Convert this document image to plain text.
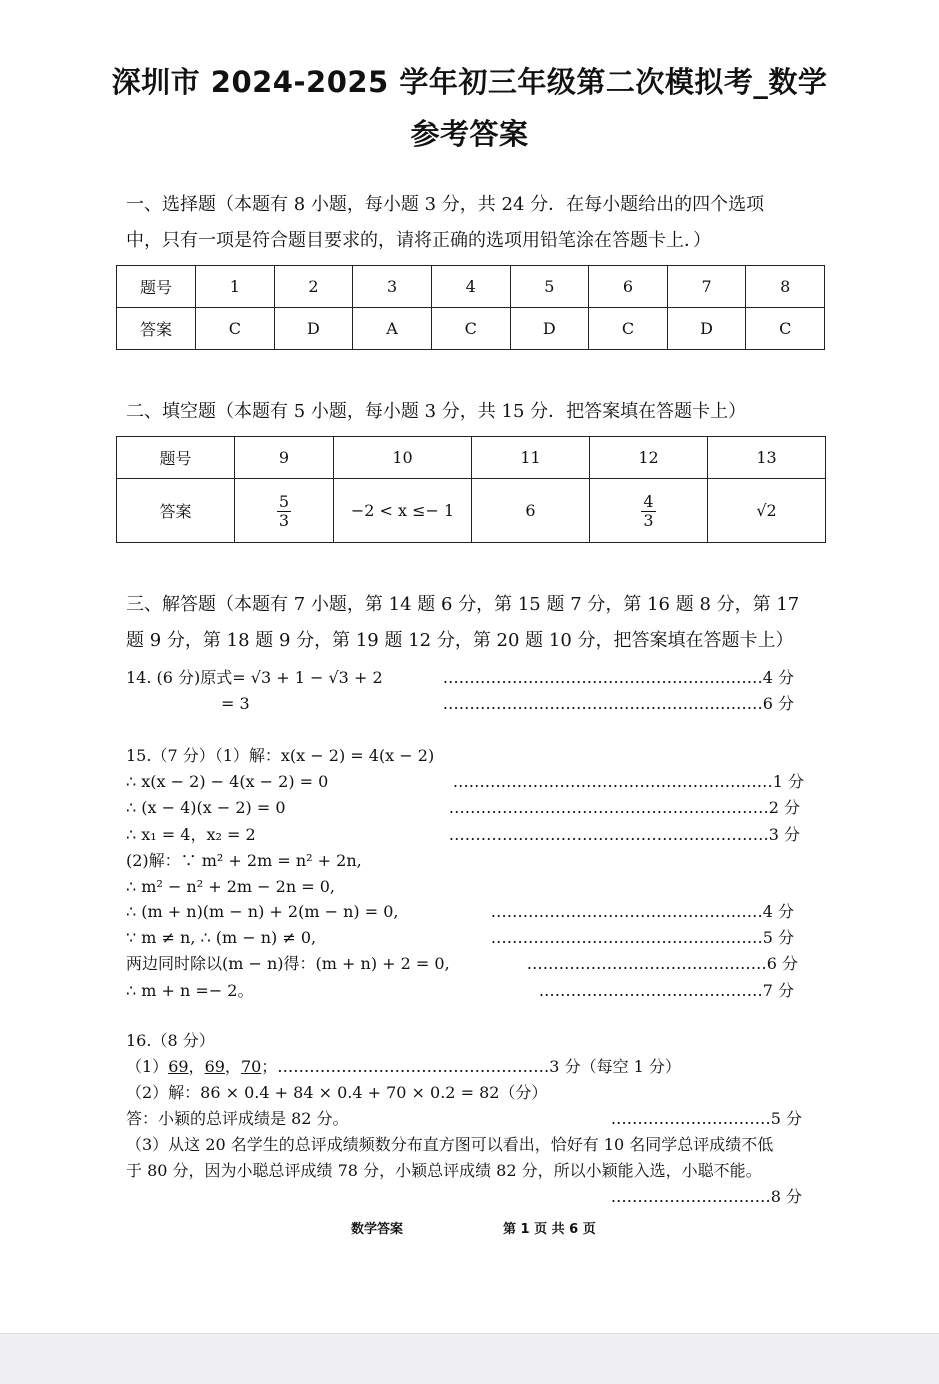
深圳市 2024-2025 学年初三年级第二次模拟考_数学
参考答案
一、选择题（本题有 8 小题，每小题 3 分，共 24 分．在每小题给出的四个选项
中，只有一项是符合题目要求的，请将正确的选项用铅笔涂在答题卡上．）
题号	1	2	3	4	5	6	7	8
答案	C	D	A	C	D	C	D	C
二、填空题（本题有 5 小题，每小题 3 分，共 15 分．把答案填在答题卡上）
题号	9	10	11	12	13
答案	$\frac{5}{3}$	−2 < x ≤− 1	6	$\frac{4}{3}$	√2
三、解答题（本题有 7 小题，第 14 题 6 分，第 15 题 7 分，第 16 题 8 分，第 17
题 9 分，第 18 题 9 分，第 19 题 12 分，第 20 题 10 分，把答案填在答题卡上）
14. (6 分)原式= √3 + 1 − √3 + 2	……………………………………………………4 分
= 3	……………………………………………………6 分
15.（7 分）（1）解：x(x − 2) = 4(x − 2)
∴ x(x − 2) − 4(x − 2) = 0	……………………………………………………1 分
∴ (x − 4)(x − 2) = 0	……………………………………………………2 分
∴ x₁ = 4，x₂ = 2	……………………………………………………3 分
(2)解：∵ m² + 2m = n² + 2n,
∴ m² − n² + 2m − 2n = 0,
∴ (m + n)(m − n) + 2(m − n) = 0,	……………………………………………4 分
∵ m ≠ n, ∴ (m − n) ≠ 0,	……………………………………………5 分
两边同时除以(m − n)得：(m + n) + 2 = 0,	………………………………………6 分
∴ m + n =− 2。	……………………………………7 分
16.（8 分）
（1）69，69，70；……………………………………………3 分（每空 1 分）
（2）解：86 × 0.4 + 84 × 0.4 + 70 × 0.2 = 82（分）
答：小颖的总评成绩是 82 分。	…………………………5 分
（3）从这 20 名学生的总评成绩频数分布直方图可以看出，恰好有 10 名同学总评成绩不低
于 80 分，因为小聪总评成绩 78 分，小颖总评成绩 82 分，所以小颖能入选，小聪不能。
…………………………8 分
数学答案	第 1 页 共 6 页
